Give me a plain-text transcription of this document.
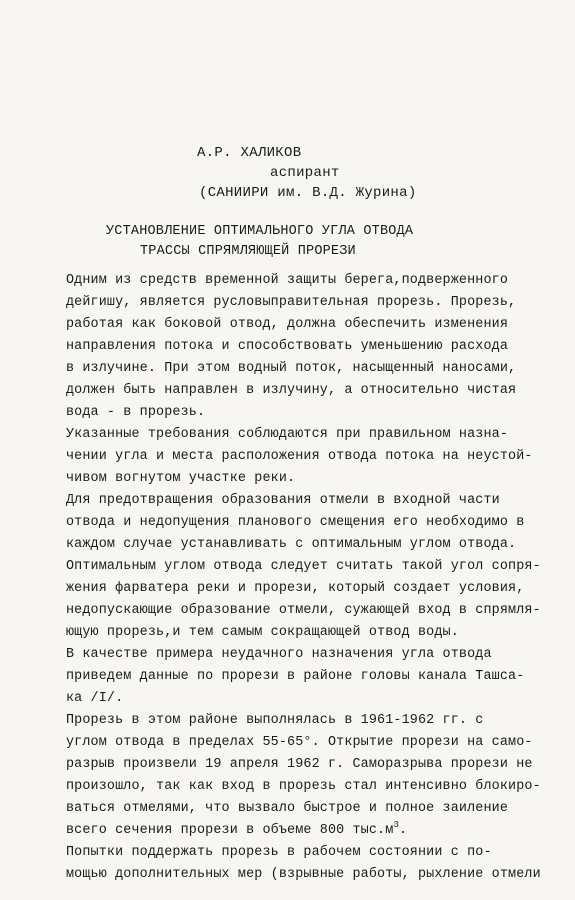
А.Р. ХАЛИКОВ
аспирант
(САНИИРИ им. В.Д. Журина)
УСТАНОВЛЕНИЕ ОПТИМАЛЬНОГО УГЛА ОТВОДА
ТРАССЫ СПРЯМЛЯЮЩЕЙ ПРОРЕЗИ
Одним из средств временной защиты берега,подверженного
дейгишу, является русловыправительная прорезь. Прорезь,
работая как боковой отвод, должна обеспечить изменения
направления потока и способствовать уменьшению расхода
в излучине. При этом водный поток, насыщенный наносами,
должен быть направлен в излучину, а относительно чистая
вода - в прорезь.
Указанные требования соблюдаются при правильном назна-
чении угла и места расположения отвода потока на неустой-
чивом вогнутом участке реки.
Для предотвращения образования отмели в входной части
отвода и недопущения планового смещения его необходимо в
каждом случае устанавливать с оптимальным углом отвода.
Оптимальным углом отвода следует считать такой угол сопря-
жения фарватера реки и прорези, который создает условия,
недопускающие образование отмели, сужающей вход в спрямля-
ющую прорезь,и тем самым сокращающей отвод воды.
В качестве примера неудачного назначения угла отвода
приведем данные по прорези в районе головы канала Ташса-
ка /I/.
Прорезь в этом районе выполнялась в 1961-1962 гг. с
углом отвода в пределах 55-65°. Открытие прорези на само-
разрыв произвели 19 апреля 1962 г. Саморазрыва прорези не
произошло, так как вход в прорезь стал интенсивно блокиро-
ваться отмелями, что вызвало быстрое и полное заиление
всего сечения прорези в объеме 800 $тыс.м^3$.
Попытки поддержать прорезь в рабочем состоянии с по-
мощью дополнительных мер (взрывные работы, рыхление отмели
